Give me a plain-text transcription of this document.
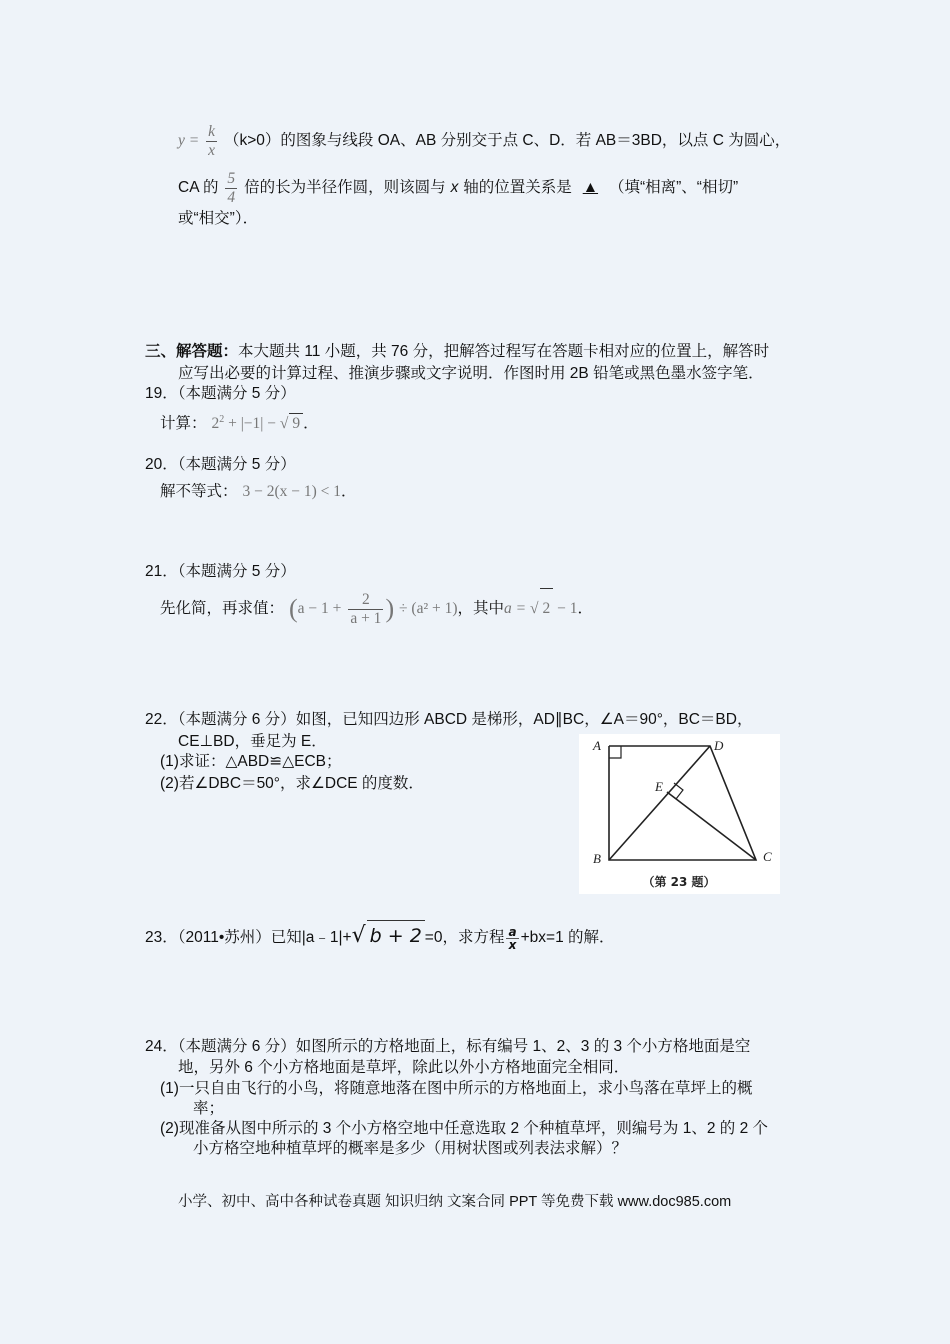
$y = \frac{k}{x} (k>0)$的图象与线段 OA、AB 分别交于点 C、D．若 AB＝3BD，以点 C 为圆心，
CA 的 $\frac{5}{4}$ 倍的长为半径作圆，则该圆与 x 轴的位置关系是 ▲ （填“相离”、“相切”
或“相交”）．
三、解答题：本大题共 11 小题，共 76 分，把解答过程写在答题卡相对应的位置上，解答时
应写出必要的计算过程、推演步骤或文字说明．作图时用 2B 铅笔或黑色墨水签字笔．
19．（本题满分 5 分）
计算： $2^2 + |-1|$ − √ 9 ．
20．（本题满分 5 分）
解不等式： 3 − 2(x − 1) < 1．
21．（本题满分 5 分）
先化简，再求值： ($a - 1 + \frac{2}{a + 1}$ ) ÷ (a² + 1)，其中a = √ 2 − 1．
22．（本题满分 6 分）如图，已知四边形 ABCD 是梯形，AD∥BC，∠A＝90°，BC＝BD，
CE⊥BD，垂足为 E．
(1)求证：△ABD≌△ECB；
(2)若∠DBC＝50°，求∠DCE 的度数．
A	D
E
B	C
（第 23 题）
23．（2011•苏州）已知|a﹣1|+√ b + 2 =0，求方程 $\frac{a}{x} +bx=1$ 的解．
24．（本题满分 6 分）如图所示的方格地面上，标有编号 1、2、3 的 3 个小方格地面是空
地，另外 6 个小方格地面是草坪，除此以外小方格地面完全相同．
(1)一只自由飞行的小鸟，将随意地落在图中所示的方格地面上，求小鸟落在草坪上的概
率；
(2)现准备从图中所示的 3 个小方格空地中任意选取 2 个种植草坪，则编号为 1、2 的 2 个
小方格空地种植草坪的概率是多少（用树状图或列表法求解）？
小学、初中、高中各种试卷真题 知识归纳 文案合同 PPT 等免费下载 www.doc985.com
